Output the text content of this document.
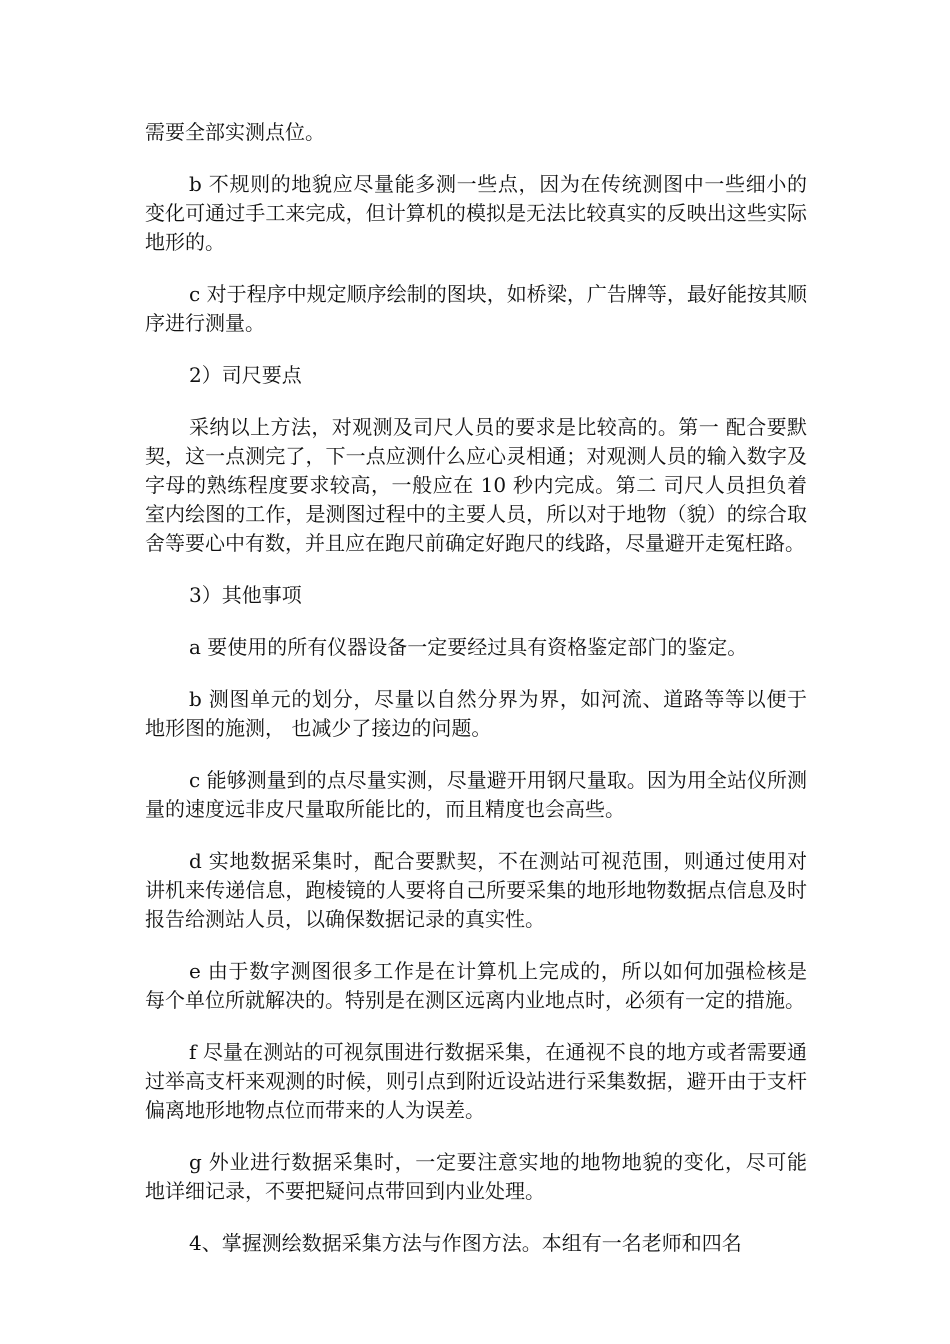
需要全部实测点位。

b 不规则的地貌应尽量能多测一些点，因为在传统测图中一些细小的变化可通过手工来完成，但计算机的模拟是无法比较真实的反映出这些实际地形的。

c 对于程序中规定顺序绘制的图块，如桥梁，广告牌等，最好能按其顺序进行测量。

2）司尺要点

采纳以上方法，对观测及司尺人员的要求是比较高的。第一 配合要默契，这一点测完了，下一点应测什么应心灵相通；对观测人员的输入数字及字母的熟练程度要求较高，一般应在 10 秒内完成。第二 司尺人员担负着室内绘图的工作，是测图过程中的主要人员，所以对于地物（貌）的综合取舍等要心中有数，并且应在跑尺前确定好跑尺的线路，尽量避开走冤枉路。

3）其他事项

a 要使用的所有仪器设备一定要经过具有资格鉴定部门的鉴定。

b 测图单元的划分，尽量以自然分界为界，如河流、道路等等以便于地形图的施测， 也减少了接边的问题。

c 能够测量到的点尽量实测，尽量避开用钢尺量取。因为用全站仪所测量的速度远非皮尺量取所能比的，而且精度也会高些。

d 实地数据采集时，配合要默契，不在测站可视范围，则通过使用对讲机来传递信息，跑棱镜的人要将自己所要采集的地形地物数据点信息及时报告给测站人员，以确保数据记录的真实性。

e 由于数字测图很多工作是在计算机上完成的，所以如何加强检核是每个单位所就解决的。特别是在测区远离内业地点时，必须有一定的措施。

f 尽量在测站的可视氛围进行数据采集，在通视不良的地方或者需要通过举高支杆来观测的时候，则引点到附近设站进行采集数据，避开由于支杆偏离地形地物点位而带来的人为误差。

g 外业进行数据采集时，一定要注意实地的地物地貌的变化，尽可能地详细记录，不要把疑问点带回到内业处理。

4、掌握测绘数据采集方法与作图方法。本组有一名老师和四名
